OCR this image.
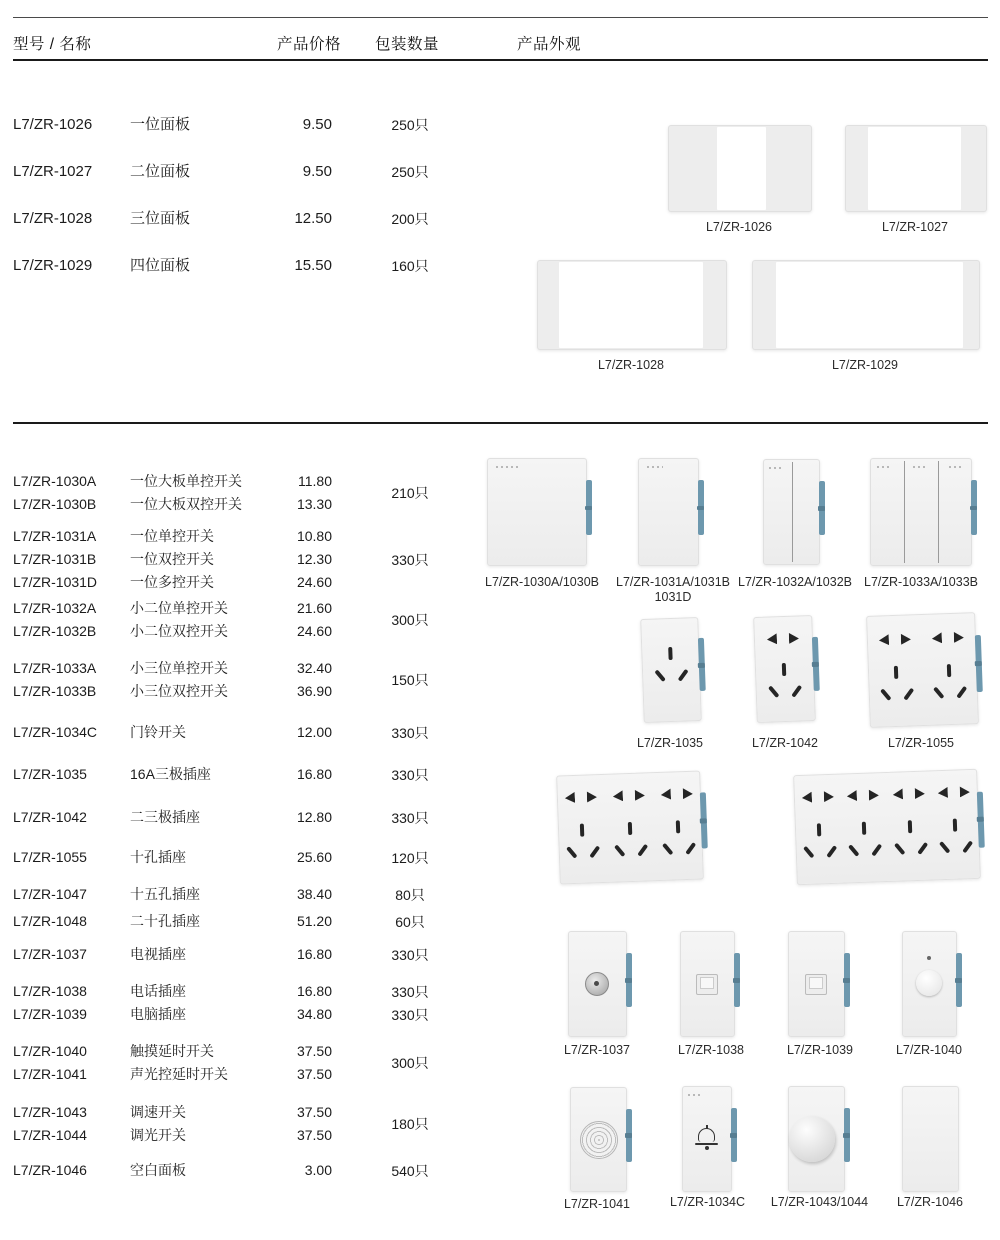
型号 / 名称	产品价格 包装数量	产品外观
L7/ZR-1026	一位面板	9.50	250只
L7/ZR-1027	二位面板	9.50	250只
L7/ZR-1028	三位面板	12.50	200只
L7/ZR-1029	四位面板	15.50	160只
L7/ZR-1026	L7/ZR-1027
L7/ZR-1028	L7/ZR-1029
L7/ZR-1030A	一位大板单控开关	11.80
L7/ZR-1030B	一位大板双控开关	13.30
210只
L7/ZR-1031A	一位单控开关	10.80
L7/ZR-1031B	一位双控开关	12.30
L7/ZR-1031D	一位多控开关	24.60
330只
L7/ZR-1032A	小二位单控开关	21.60
L7/ZR-1032B	小二位双控开关	24.60
300只
L7/ZR-1033A	小三位单控开关	32.40
L7/ZR-1033B	小三位双控开关	36.90
150只
L7/ZR-1034C	门铃开关	12.00	330只
L7/ZR-1035	16A三极插座	16.80	330只
L7/ZR-1042	二三极插座	12.80	330只
L7/ZR-1055	十孔插座	25.60	120只
L7/ZR-1047	十五孔插座	38.40	80只
L7/ZR-1048	二十孔插座	51.20	60只
L7/ZR-1037	电视插座	16.80	330只
L7/ZR-1038	电话插座	16.80	330只
L7/ZR-1039	电脑插座	34.80	330只
L7/ZR-1040	触摸延时开关	37.50
L7/ZR-1041	声光控延时开关	37.50
300只
L7/ZR-1043	调速开关	37.50
L7/ZR-1044	调光开关	37.50
180只
L7/ZR-1046	空白面板	3.00	540只
L7/ZR-1030A/1030B	L7/ZR-1031A/1031B
1031D
L7/ZR-1032A/1032B L7/ZR-1033A/1033B
L7/ZR-1035	L7/ZR-1042	L7/ZR-1055
L7/ZR-1037	L7/ZR-1038	L7/ZR-1039	L7/ZR-1040
L7/ZR-1041	L7/ZR-1034C	L7/ZR-1043/1044	L7/ZR-1046
